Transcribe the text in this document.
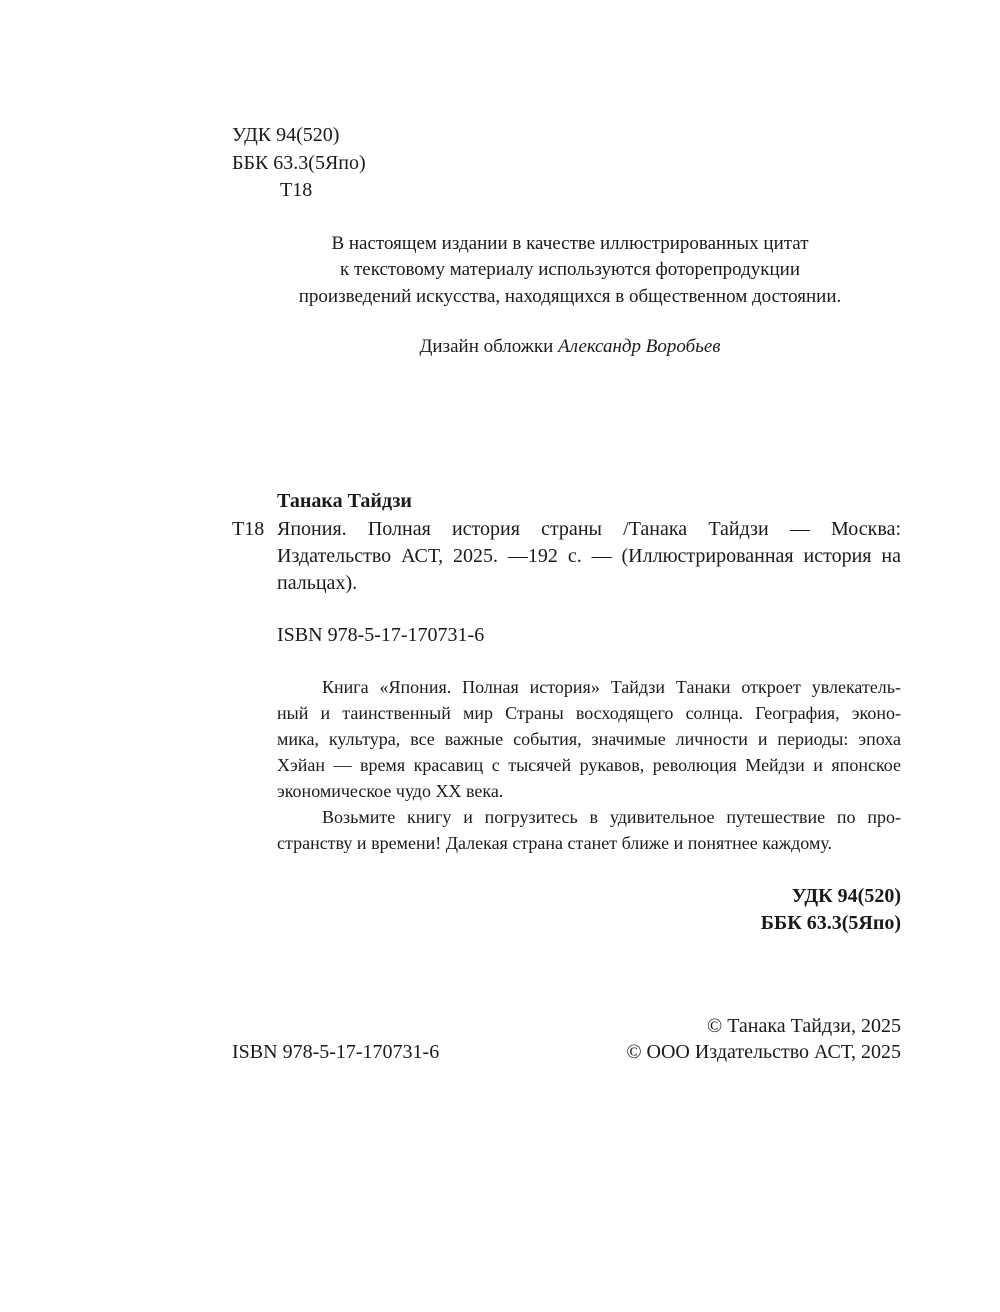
УДК 94(520)
ББК 63.3(5Япо)
Т18
В настоящем издании в качестве иллюстрированных цитат
к текстовому материалу используются фоторепродукции
произведений искусства, находящихся в общественном достоянии.
Дизайн обложки Александр Воробьев
Танака Тайдзи
Т18 Япония. Полная история страны /Танака Тайдзи — Москва:
Издательство АСТ, 2025. —192 с. — (Иллюстрированная история на
пальцах).
ISBN 978-5-17-170731-6
Книга «Япония. Полная история» Тайдзи Танаки откроет увлекатель-
ный и таинственный мир Страны восходящего солнца. География, эконо-
мика, культура, все важные события, значимые личности и периоды: эпоха
Хэйан — время красавиц с тысячей рукавов, революция Мейдзи и японское
экономическое чудо XX века.
Возьмите книгу и погрузитесь в удивительное путешествие по про-
странству и времени! Далекая страна станет ближе и понятнее каждому.
УДК 94(520)
ББК 63.3(5Япо)
ISBN 978-5-17-170731-6
© Танака Тайдзи, 2025
© ООО Издательство АСТ, 2025
